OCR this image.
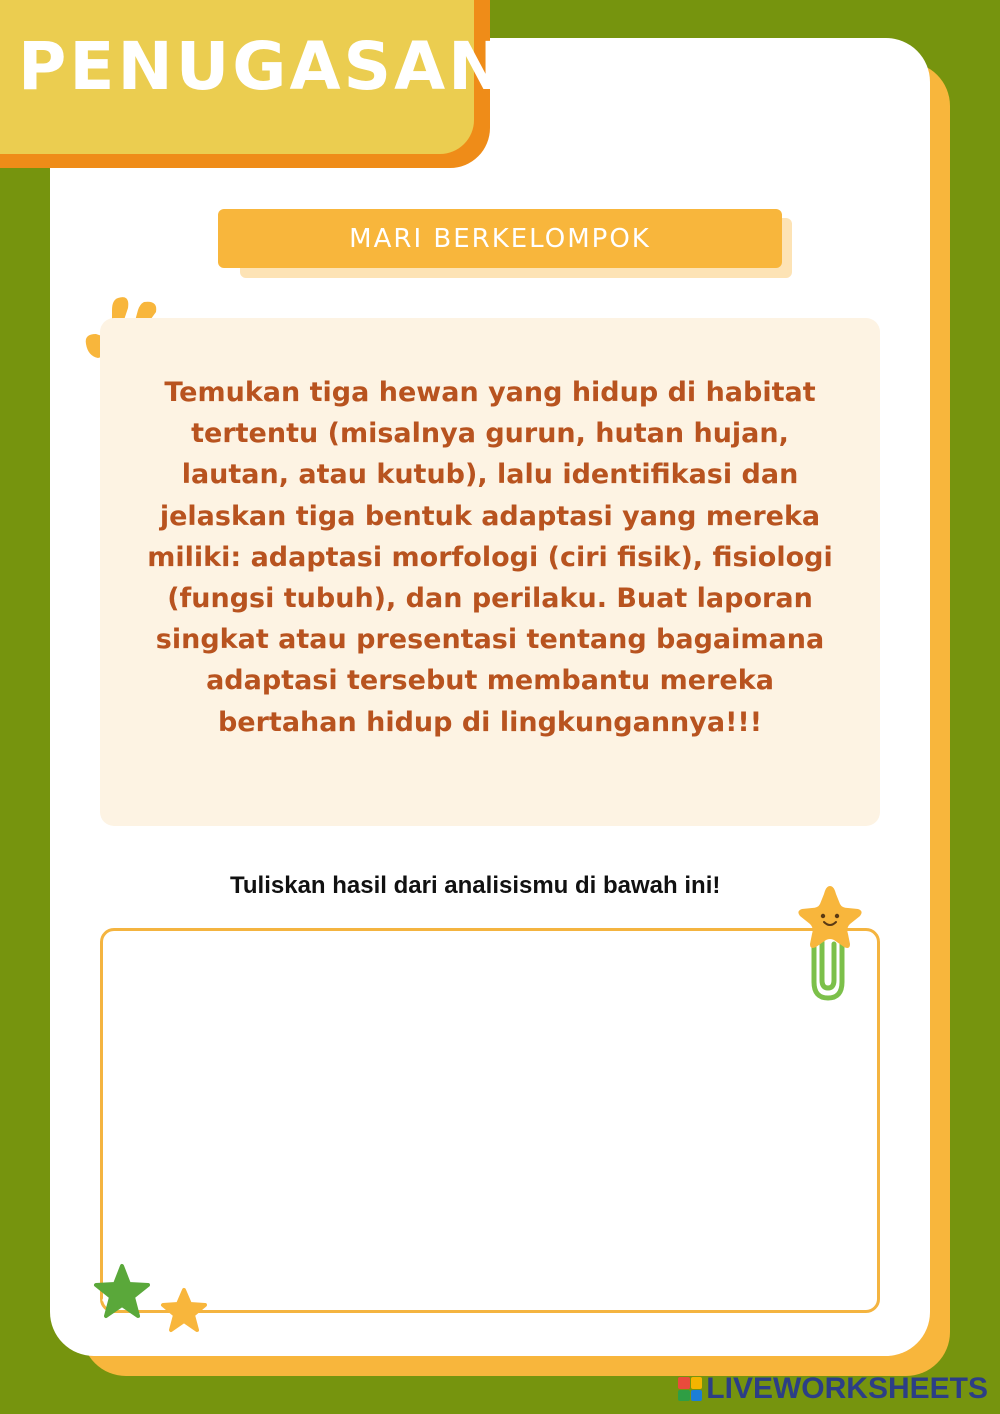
PENUGASAN
MARI BERKELOMPOK
Temukan tiga hewan yang hidup di habitat tertentu (misalnya gurun, hutan hujan, lautan, atau kutub), lalu identifikasi dan jelaskan tiga bentuk adaptasi yang mereka miliki: adaptasi morfologi (ciri fisik), fisiologi (fungsi tubuh), dan perilaku. Buat laporan singkat atau presentasi tentang bagaimana adaptasi tersebut membantu mereka bertahan hidup di lingkungannya!!!
Tuliskan hasil dari analisismu di bawah ini!
LIVEWORKSHEETS
